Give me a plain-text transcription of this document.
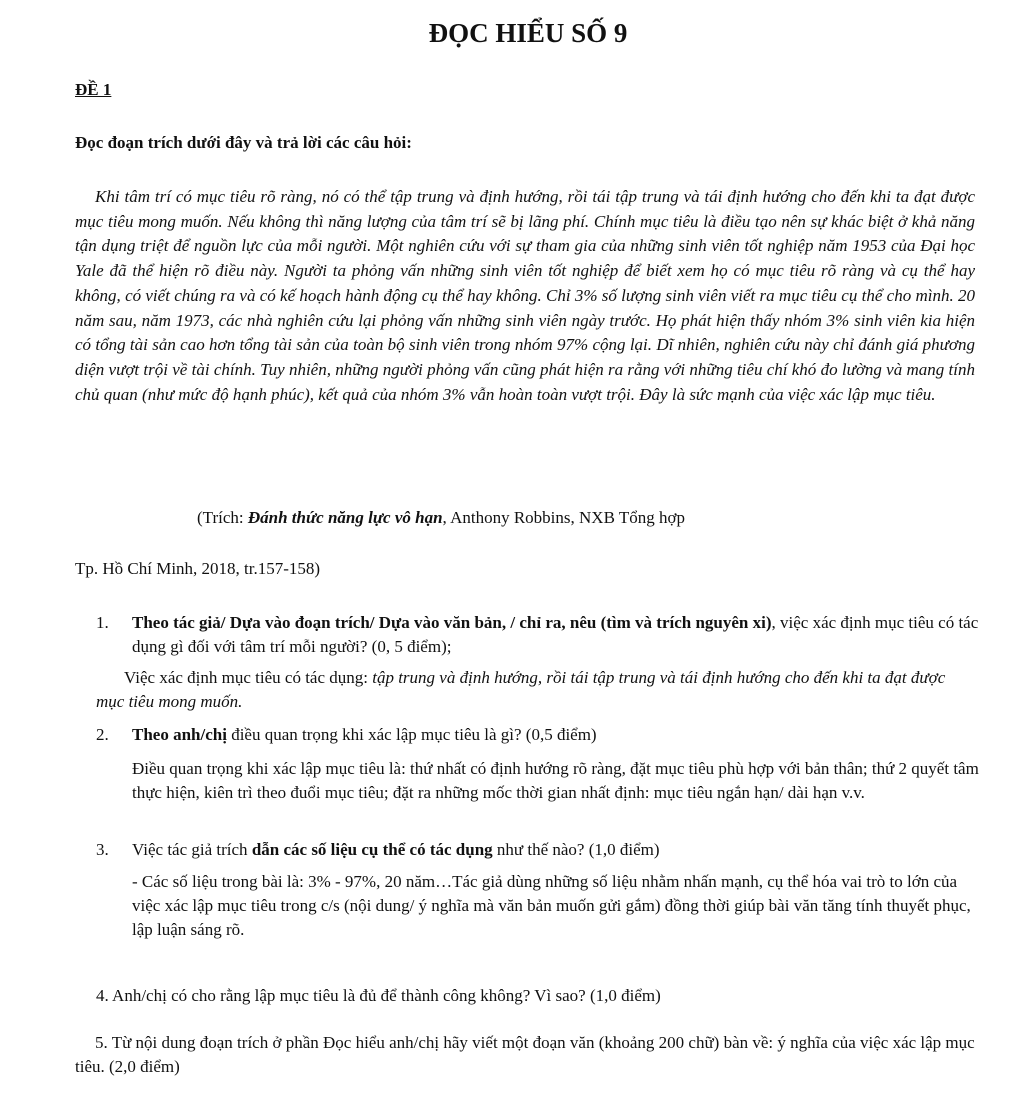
ĐỌC HIỂU SỐ 9
ĐỀ 1
Đọc đoạn trích dưới đây và trả lời các câu hỏi:

Khi tâm trí có mục tiêu rõ ràng, nó có thể tập trung và định hướng, rồi tái tập trung và tái định hướng cho đến khi ta đạt được mục tiêu mong muốn. Nếu không thì năng lượng của tâm trí sẽ bị lãng phí. Chính mục tiêu là điều tạo nên sự khác biệt ở khả năng tận dụng triệt để nguồn lực của mỗi người. Một nghiên cứu với sự tham gia của những sinh viên tốt nghiệp năm 1953 của Đại học Yale đã thể hiện rõ điều này. Người ta phỏng vấn những sinh viên tốt nghiệp để biết xem họ có mục tiêu rõ ràng và cụ thể hay không, có viết chúng ra và có kế hoạch hành động cụ thể hay không. Chỉ 3% số lượng sinh viên viết ra mục tiêu cụ thể cho mình. 20 năm sau, năm 1973, các nhà nghiên cứu lại phỏng vấn những sinh viên ngày trước. Họ phát hiện thấy nhóm 3% sinh viên kia hiện có tổng tài sản cao hơn tổng tài sản của toàn bộ sinh viên trong nhóm 97% cộng lại. Dĩ nhiên, nghiên cứu này chỉ đánh giá phương diện vượt trội về tài chính. Tuy nhiên, những người phỏng vấn cũng phát hiện ra rằng với những tiêu chí khó đo lường và mang tính chủ quan (như mức độ hạnh phúc), kết quả của nhóm 3% vẫn hoàn toàn vượt trội. Đây là sức mạnh của việc xác lập mục tiêu.

(Trích: Đánh thức năng lực vô hạn, Anthony Robbins, NXB Tổng hợp
Tp. Hồ Chí Minh, 2018, tr.157-158)
1. Theo tác giả/ Dựa vào đoạn trích/ Dựa vào văn bản, / chỉ ra, nêu (tìm và trích nguyên xi), việc xác định mục tiêu có tác dụng gì đối với tâm trí mỗi người? (0, 5 điểm);
Việc xác định mục tiêu có tác dụng: tập trung và định hướng, rồi tái tập trung và tái định hướng cho đến khi ta đạt được mục tiêu mong muốn.
2. Theo anh/chị điều quan trọng khi xác lập mục tiêu là gì? (0,5 điểm)
Điều quan trọng khi xác lập mục tiêu là: thứ nhất có định hướng rõ ràng, đặt mục tiêu phù hợp với bản thân; thứ 2 quyết tâm thực hiện, kiên trì theo đuổi mục tiêu; đặt ra những mốc thời gian nhất định: mục tiêu ngắn hạn/ dài hạn v.v.
3. Việc tác giả trích dẫn các số liệu cụ thể có tác dụng như thế nào? (1,0 điểm)
- Các số liệu trong bài là: 3% - 97%, 20 năm…Tác giả dùng những số liệu nhằm nhấn mạnh, cụ thể hóa vai trò to lớn của việc xác lập mục tiêu trong c/s (nội dung/ ý nghĩa mà văn bản muốn gửi gắm) đồng thời giúp bài văn tăng tính thuyết phục, lập luận sáng rõ.
4. Anh/chị có cho rằng lập mục tiêu là đủ để thành công không? Vì sao? (1,0 điểm)
5. Từ nội dung đoạn trích ở phần Đọc hiểu anh/chị hãy viết một đoạn văn (khoảng 200 chữ) bàn về: ý nghĩa của việc xác lập mục tiêu. (2,0 điểm)
